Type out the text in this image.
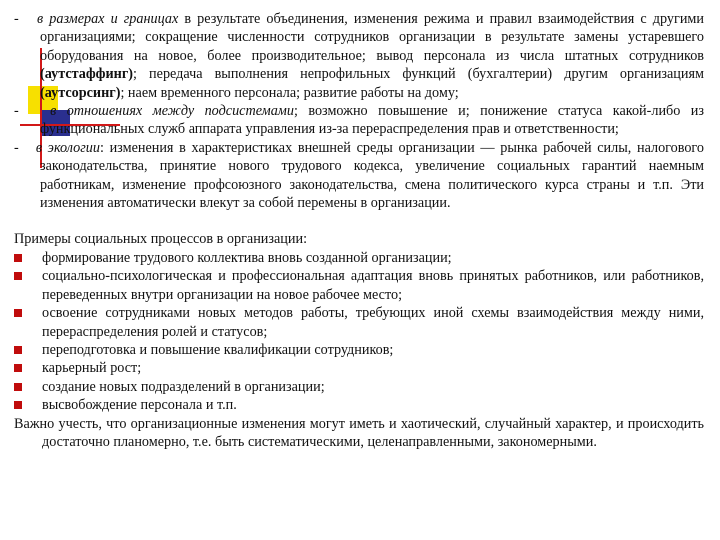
- в размерах и границах в результате объединения, изменения режима и правил взаимодействия с другими организациями; сокращение численности сотрудников организации в результате замены устаревшего оборудования на новое, более производительное; вывод персонала из числа штатных сотрудников (аутстаффинг); передача выполнения непрофильных функций (бухгалтерии) другим организациям (аутсорсинг); наем временного персонала; развитие работы на дому;

- в отношениях между подсистемами; возможно повышение и; понижение статуса какой-либо из функциональных служб аппарата управления из-за перераспределения прав и ответственности;

- в экологии: изменения в характеристиках внешней среды организации — рынка рабочей силы, налогового законодательства, принятие нового трудового кодекса, увеличение социальных гарантий наемным работникам, изменение профсоюзного законодательства, смена политического курса страны и т.п. Эти изменения автоматически влекут за собой перемены в организации.

Примеры социальных процессов в организации:

формирование трудового коллектива вновь созданной организации;
социально-психологическая и профессиональная адаптация вновь принятых работников, или работников, переведенных внутри организации на новое рабочее место;
освоение сотрудниками новых методов работы, требующих иной схемы взаимодействия между ними, перераспределения ролей и статусов;
переподготовка и повышение квалификации сотрудников;
карьерный рост;
создание новых подразделений в организации;
высвобождение персонала и т.п.

Важно учесть, что организационные изменения могут иметь и хаотический, случайный характер, и происходить достаточно планомерно, т.е. быть систематическими, целенаправленными, закономерными.
